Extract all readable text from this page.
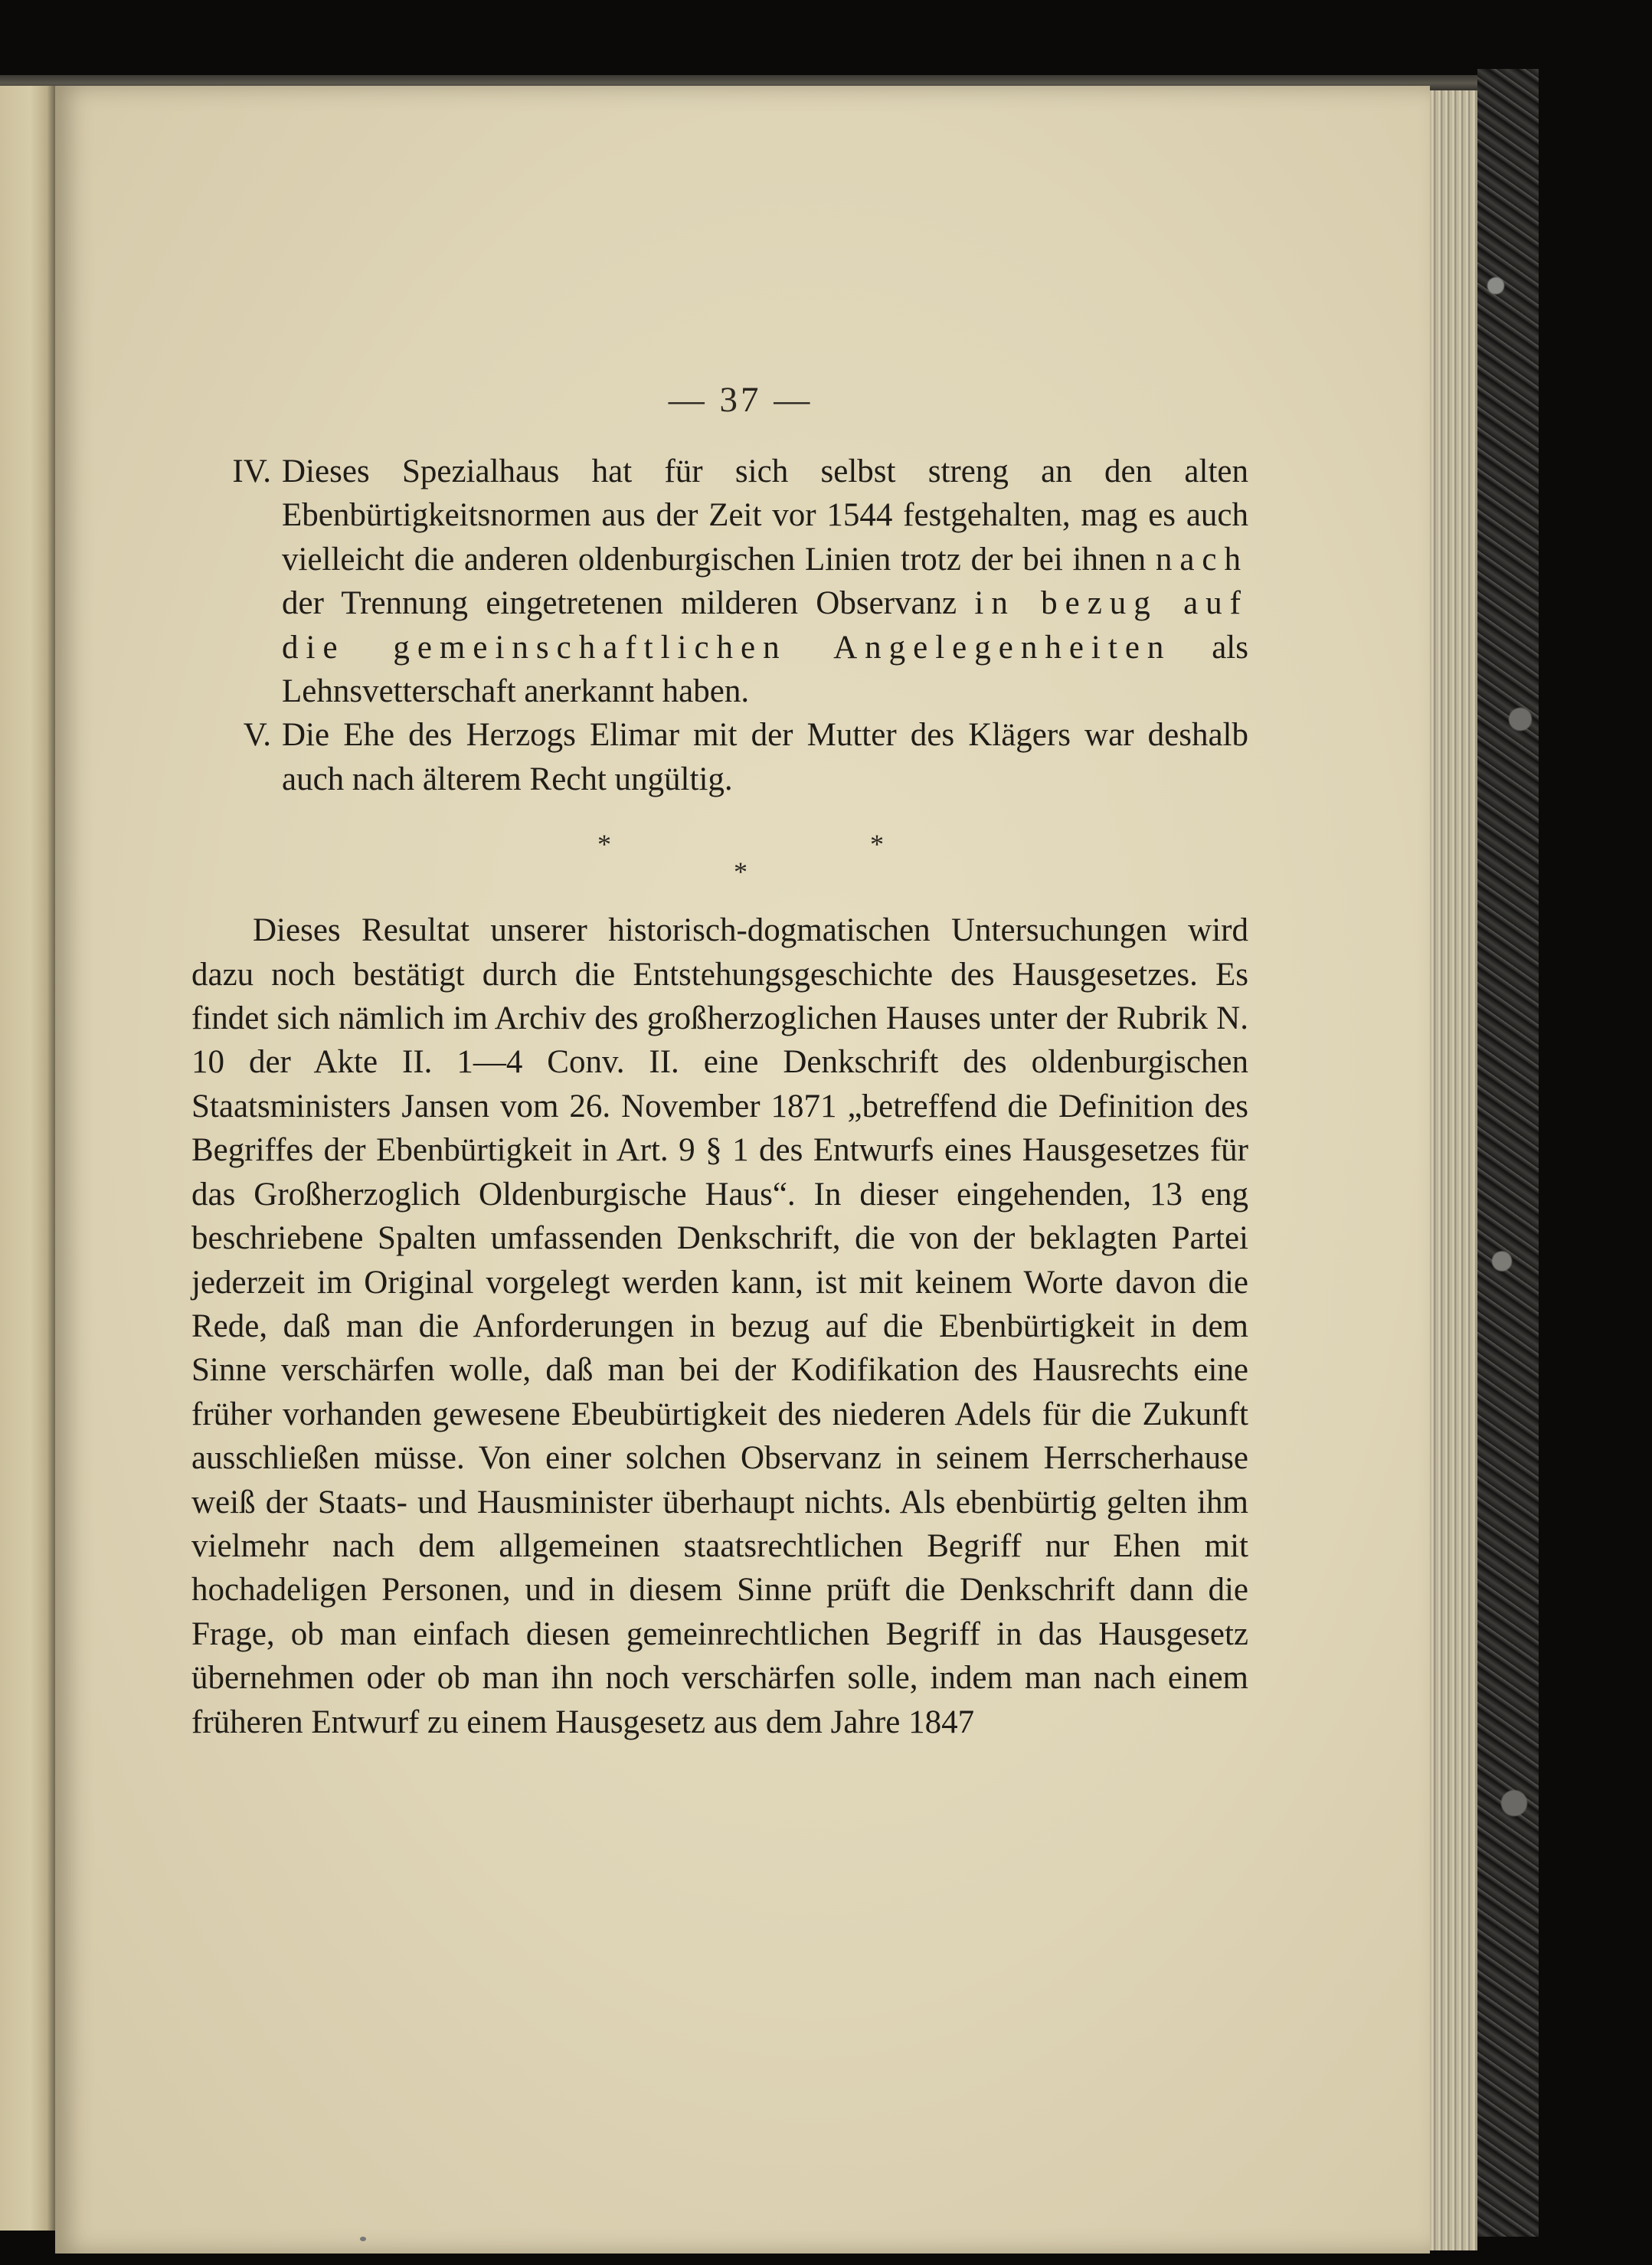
— 37 —

IV. Dieses Spezialhaus hat für sich selbst streng an den alten Ebenbürtigkeitsnormen aus der Zeit vor 1544 festgehalten, mag es auch vielleicht die anderen oldenburgischen Linien trotz der bei ihnen nach der Trennung eingetretenen milderen Observanz in bezug auf die gemeinschaftlichen Angelegenheiten als Lehnsvetterschaft anerkannt haben.

V. Die Ehe des Herzogs Elimar mit der Mutter des Klägers war deshalb auch nach älterem Recht ungültig.

*
*
*

Dieses Resultat unserer historisch-dogmatischen Untersuchungen wird dazu noch bestätigt durch die Entstehungsgeschichte des Hausgesetzes. Es findet sich nämlich im Archiv des großherzoglichen Hauses unter der Rubrik N. 10 der Akte II. 1—4 Conv. II. eine Denkschrift des oldenburgischen Staatsministers Jansen vom 26. November 1871 „betreffend die Definition des Begriffes der Ebenbürtigkeit in Art. 9 § 1 des Entwurfs eines Hausgesetzes für das Großherzoglich Oldenburgische Haus“. In dieser eingehenden, 13 eng beschriebene Spalten umfassenden Denkschrift, die von der beklagten Partei jederzeit im Original vorgelegt werden kann, ist mit keinem Worte davon die Rede, daß man die Anforderungen in bezug auf die Ebenbürtigkeit in dem Sinne verschärfen wolle, daß man bei der Kodifikation des Hausrechts eine früher vorhanden gewesene Ebeubürtigkeit des niederen Adels für die Zukunft ausschließen müsse. Von einer solchen Observanz in seinem Herrscherhause weiß der Staats- und Hausminister überhaupt nichts. Als ebenbürtig gelten ihm vielmehr nach dem allgemeinen staatsrechtlichen Begriff nur Ehen mit hochadeligen Personen, und in diesem Sinne prüft die Denkschrift dann die Frage, ob man einfach diesen gemeinrechtlichen Begriff in das Hausgesetz übernehmen oder ob man ihn noch verschärfen solle, indem man nach einem früheren Entwurf zu einem Hausgesetz aus dem Jahre 1847
